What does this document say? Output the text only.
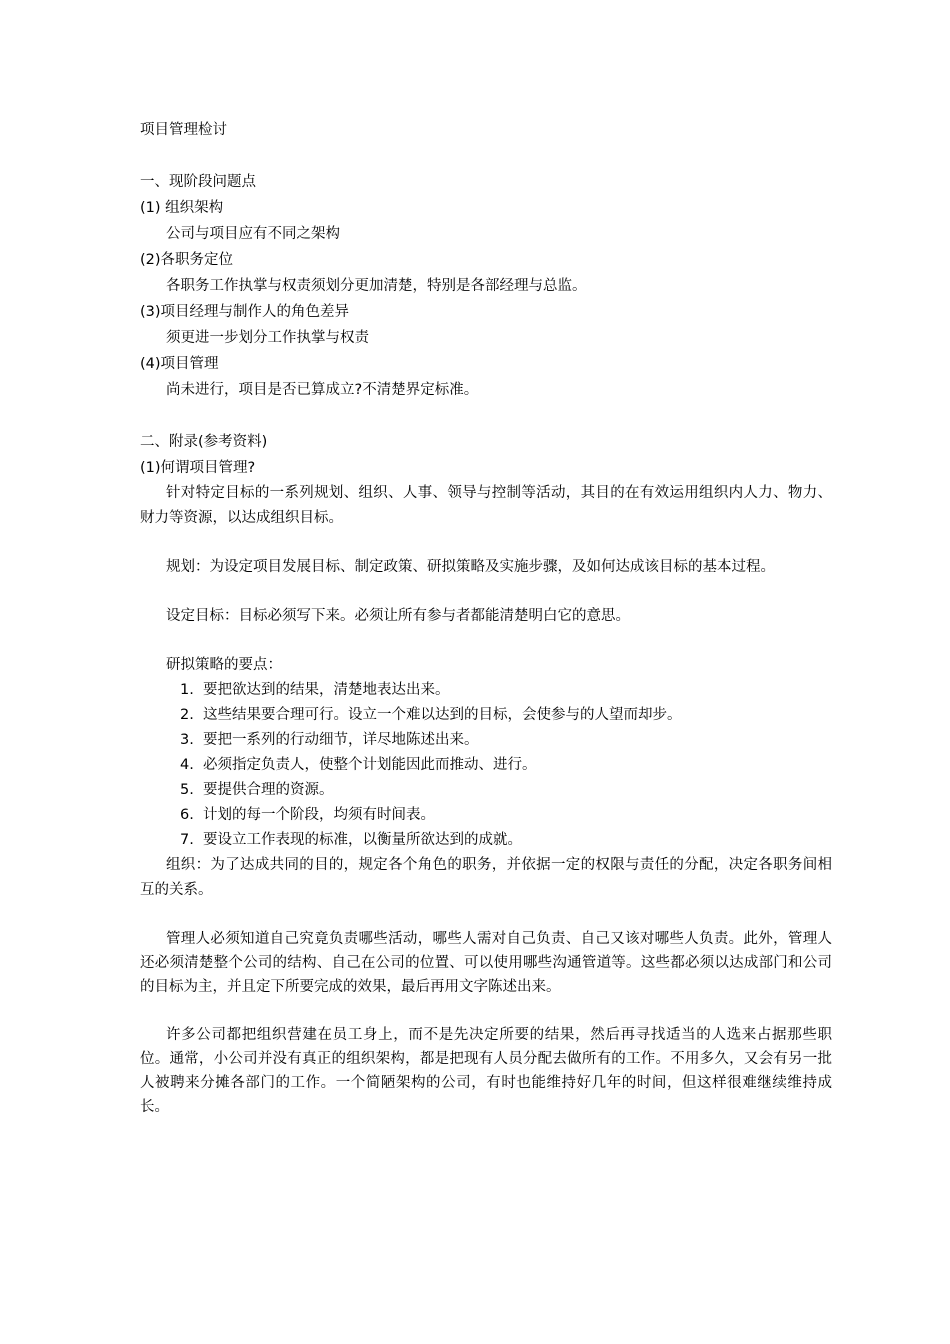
项目管理检讨
一、现阶段问题点
(1) 组织架构
公司与项目应有不同之架构
(2)各职务定位
各职务工作执掌与权责须划分更加清楚，特别是各部经理与总监。
(3)项目经理与制作人的角色差异
须更进一步划分工作执掌与权责
(4)项目管理
尚未进行，项目是否已算成立?不清楚界定标准。
二、附录(参考资料)
(1)何谓项目管理?
针对特定目标的一系列规划、组织、人事、领导与控制等活动，其目的在有效运用组织内人力、物力、财力等资源，以达成组织目标。
规划：为设定项目发展目标、制定政策、研拟策略及实施步骤，及如何达成该目标的基本过程。
设定目标：目标必须写下来。必须让所有参与者都能清楚明白它的意思。
研拟策略的要点：
1. 要把欲达到的结果，清楚地表达出来。
2. 这些结果要合理可行。设立一个难以达到的目标，会使参与的人望而却步。
3. 要把一系列的行动细节，详尽地陈述出来。
4. 必须指定负责人，使整个计划能因此而推动、进行。
5. 要提供合理的资源。
6. 计划的每一个阶段，均须有时间表。
7. 要设立工作表现的标准，以衡量所欲达到的成就。
组织：为了达成共同的目的，规定各个角色的职务，并依据一定的权限与责任的分配，决定各职务间相互的关系。
管理人必须知道自己究竟负责哪些活动，哪些人需对自己负责、自己又该对哪些人负责。此外，管理人还必须清楚整个公司的结构、自己在公司的位置、可以使用哪些沟通管道等。这些都必须以达成部门和公司的目标为主，并且定下所要完成的效果，最后再用文字陈述出来。
许多公司都把组织营建在员工身上，而不是先决定所要的结果，然后再寻找适当的人选来占据那些职位。通常，小公司并没有真正的组织架构，都是把现有人员分配去做所有的工作。不用多久，又会有另一批人被聘来分摊各部门的工作。一个简陋架构的公司，有时也能维持好几年的时间，但这样很难继续维持成长。
